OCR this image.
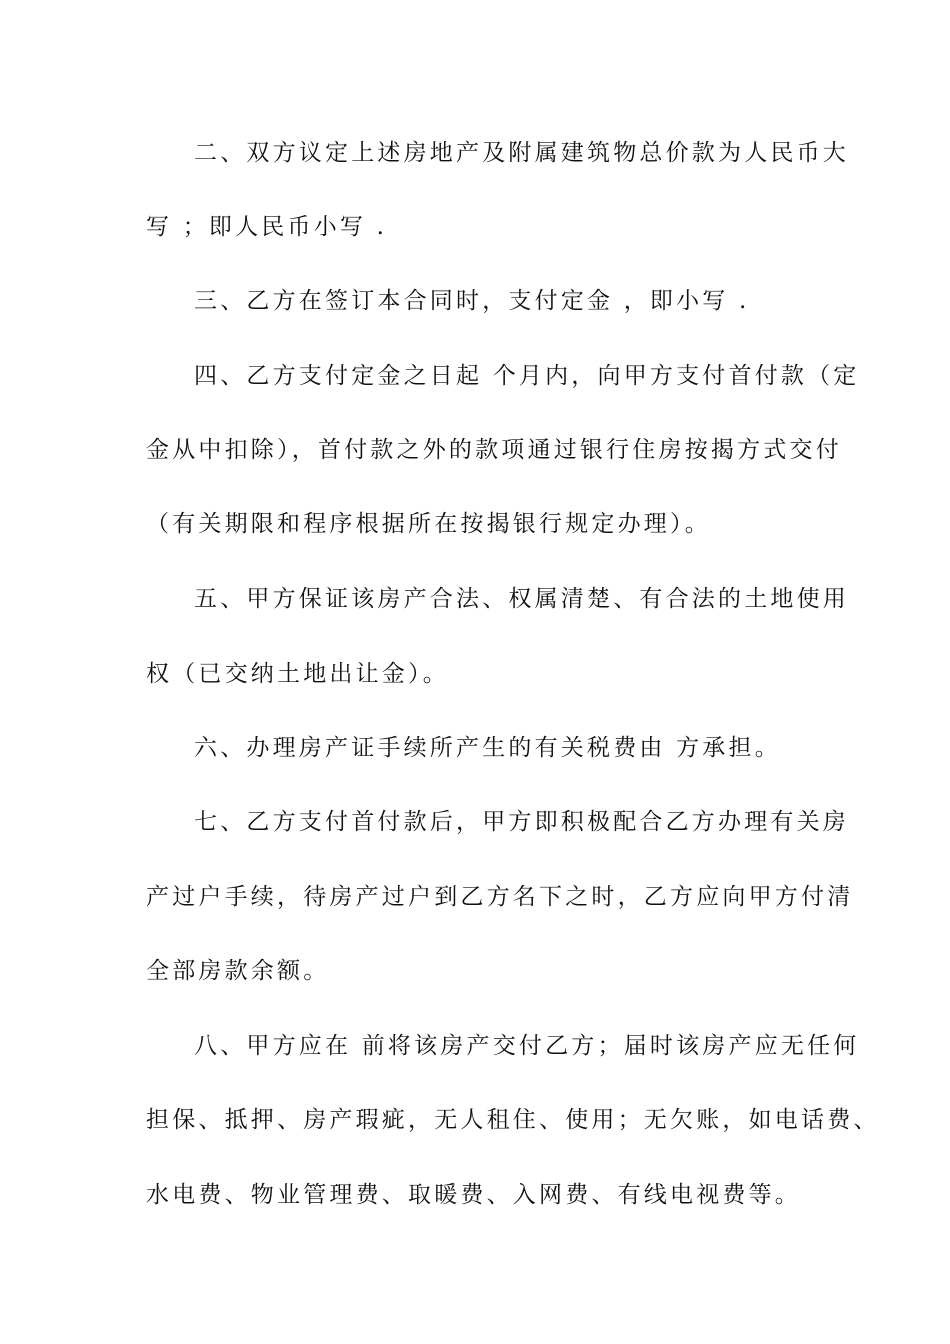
二、双方议定上述房地产及附属建筑物总价款为人民币大
写 ；即人民币小写 .
三、乙方在签订本合同时，支付定金 ，即小写 .
四、乙方支付定金之日起 个月内，向甲方支付首付款（定
金从中扣除），首付款之外的款项通过银行住房按揭方式交付
（有关期限和程序根据所在按揭银行规定办理）。
五、甲方保证该房产合法、权属清楚、有合法的土地使用
权（已交纳土地出让金）。
六、办理房产证手续所产生的有关税费由 方承担。
七、乙方支付首付款后，甲方即积极配合乙方办理有关房
产过户手续，待房产过户到乙方名下之时，乙方应向甲方付清
全部房款余额。
八、甲方应在 前将该房产交付乙方；届时该房产应无任何
担保、抵押、房产瑕疵，无人租住、使用；无欠账，如电话费、
水电费、物业管理费、取暖费、入网费、有线电视费等。
